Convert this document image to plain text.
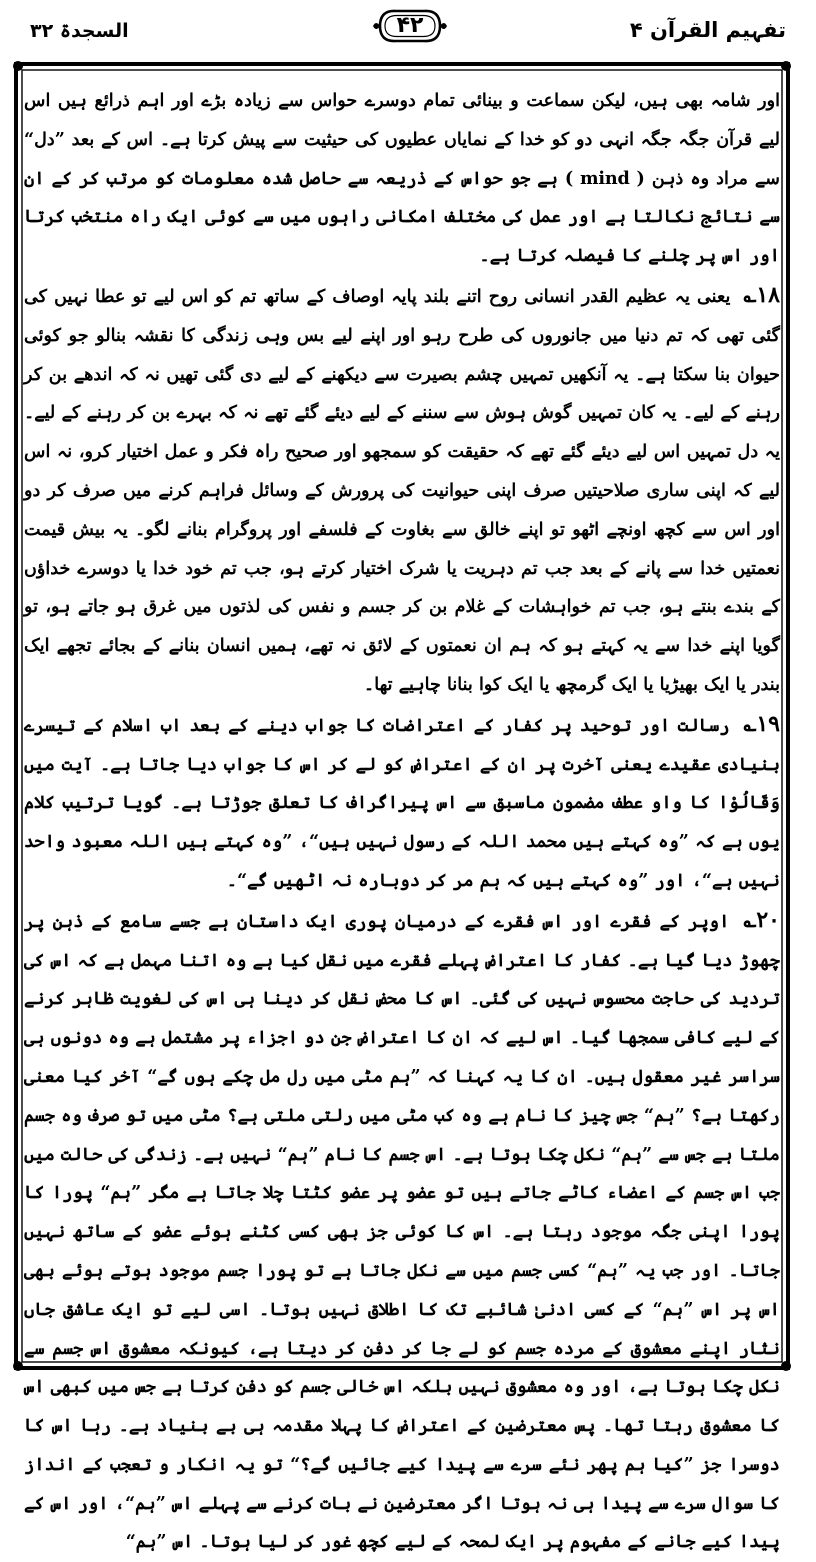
السجدۃ ۳۲	۴۲	تفہیم القرآن ۴

اور شامہ بھی ہیں، لیکن سماعت و بینائی تمام دوسرے حواس سے زیادہ بڑے اور اہم ذرائع ہیں اس لیے قرآن جگہ جگہ انہی دو کو خدا کے نمایاں عطیوں کی حیثیت سے پیش کرتا ہے۔ اس کے بعد ”دل“ سے مراد وہ ذہن ( mind ) ہے جو حواس کے ذریعہ سے حاصل شدہ معلومات کو مرتب کر کے ان سے نتائج نکالتا ہے اور عمل کی مختلف امکانی راہوں میں سے کوئی ایک راہ منتخب کرتا اور اس پر چلنے کا فیصلہ کرتا ہے۔

۱۸؎ یعنی یہ عظیم القدر انسانی روح اتنے بلند پایہ اوصاف کے ساتھ تم کو اس لیے تو عطا نہیں کی گئی تھی کہ تم دنیا میں جانوروں کی طرح رہو اور اپنے لیے بس وہی زندگی کا نقشہ بنالو جو کوئی حیوان بنا سکتا ہے۔ یہ آنکھیں تمہیں چشم بصیرت سے دیکھنے کے لیے دی گئی تھیں نہ کہ اندھے بن کر رہنے کے لیے۔ یہ کان تمہیں گوش ہوش سے سننے کے لیے دیئے گئے تھے نہ کہ بہرے بن کر رہنے کے لیے۔ یہ دل تمہیں اس لیے دیئے گئے تھے کہ حقیقت کو سمجھو اور صحیح راہ فکر و عمل اختیار کرو، نہ اس لیے کہ اپنی ساری صلاحیتیں صرف اپنی حیوانیت کی پرورش کے وسائل فراہم کرنے میں صرف کر دو اور اس سے کچھ اونچے اٹھو تو اپنے خالق سے بغاوت کے فلسفے اور پروگرام بنانے لگو۔ یہ بیش قیمت نعمتیں خدا سے پانے کے بعد جب تم دہریت یا شرک اختیار کرتے ہو، جب تم خود خدا یا دوسرے خداؤں کے بندے بنتے ہو، جب تم خواہشات کے غلام بن کر جسم و نفس کی لذتوں میں غرق ہو جاتے ہو، تو گویا اپنے خدا سے یہ کہتے ہو کہ ہم ان نعمتوں کے لائق نہ تھے، ہمیں انسان بنانے کے بجائے تجھے ایک بندر یا ایک بھیڑیا یا ایک گرمچھ یا ایک کوا بنانا چاہیے تھا۔

۱۹؎ رسالت اور توحید پر کفار کے اعتراضات کا جواب دینے کے بعد اب اسلام کے تیسرے بنیادی عقیدے یعنی آخرت پر ان کے اعتراض کو لے کر اس کا جواب دیا جاتا ہے۔ آیت میں وَقَالُوْا کا واو عطف مضمون ماسبق سے اس پیراگراف کا تعلق جوڑتا ہے۔ گویا ترتیب کلام یوں ہے کہ ”وہ کہتے ہیں محمد اللہ کے رسول نہیں ہیں“، ”وہ کہتے ہیں اللہ معبود واحد نہیں ہے“، اور ”وہ کہتے ہیں کہ ہم مر کر دوبارہ نہ اٹھیں گے“۔

۲۰؎ اوپر کے فقرے اور اس فقرے کے درمیان پوری ایک داستان ہے جسے سامع کے ذہن پر چھوڑ دیا گیا ہے۔ کفار کا اعتراض پہلے فقرے میں نقل کیا ہے وہ اتنا مہمل ہے کہ اس کی تردید کی حاجت محسوس نہیں کی گئی۔ اس کا محض نقل کر دینا ہی اس کی لغویت ظاہر کرنے کے لیے کافی سمجھا گیا۔ اس لیے کہ ان کا اعتراض جن دو اجزاء پر مشتمل ہے وہ دونوں ہی سراسر غیر معقول ہیں۔ ان کا یہ کہنا کہ ”ہم مٹی میں رل مل چکے ہوں گے“ آخر کیا معنی رکھتا ہے؟ ”ہم“ جس چیز کا نام ہے وہ کب مٹی میں رلتی ملتی ہے؟ مٹی میں تو صرف وہ جسم ملتا ہے جس سے ”ہم“ نکل چکا ہوتا ہے۔ اس جسم کا نام ”ہم“ نہیں ہے۔ زندگی کی حالت میں جب اس جسم کے اعضاء کاٹے جاتے ہیں تو عضو پر عضو کٹتا چلا جاتا ہے مگر ”ہم“ پورا کا پورا اپنی جگہ موجود رہتا ہے۔ اس کا کوئی جز بھی کسی کٹنے ہوئے عضو کے ساتھ نہیں جاتا۔ اور جب یہ ”ہم“ کسی جسم میں سے نکل جاتا ہے تو پورا جسم موجود ہوتے ہوئے بھی اس پر اس ”ہم“ کے کسی ادنیٰ شائبے تک کا اطلاق نہیں ہوتا۔ اسی لیے تو ایک عاشق جاں نثار اپنے معشوق کے مردہ جسم کو لے جا کر دفن کر دیتا ہے، کیونکہ معشوق اس جسم سے نکل چکا ہوتا ہے، اور وہ معشوق نہیں بلکہ اس خالی جسم کو دفن کرتا ہے جس میں کبھی اس کا معشوق رہتا تھا۔ پس معترضین کے اعتراض کا پہلا مقدمہ ہی بے بنیاد ہے۔ رہا اس کا دوسرا جز ”کیا ہم پھر نئے سرے سے پیدا کیے جائیں گے؟“ تو یہ انکار و تعجب کے انداز کا سوال سرے سے پیدا ہی نہ ہوتا اگر معترضین نے بات کرنے سے پہلے اس ”ہم“، اور اس کے پیدا کیے جانے کے مفہوم پر ایک لمحہ کے لیے کچھ غور کر لیا ہوتا۔ اس ”ہم“
